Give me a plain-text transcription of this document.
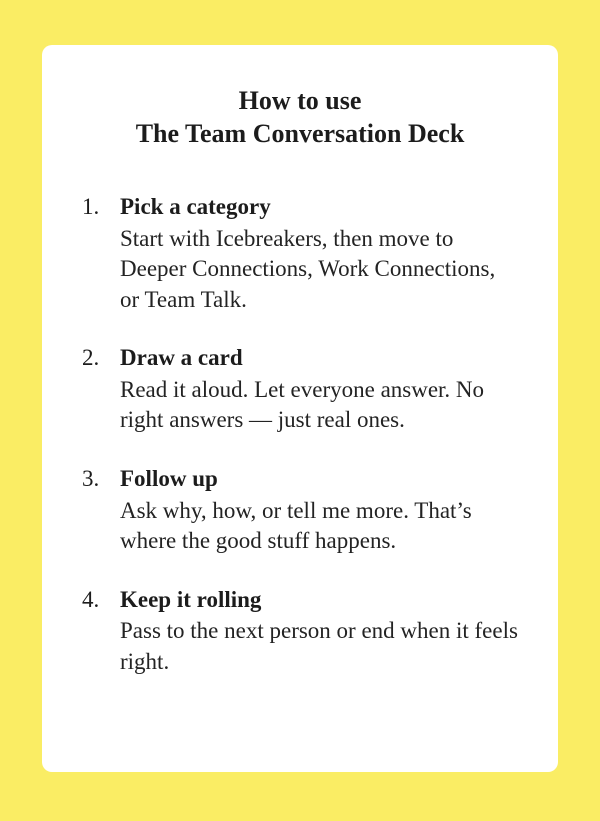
How to use
The Team Conversation Deck
1. Pick a category
Start with Icebreakers, then move to Deeper Connections, Work Connections, or Team Talk.
2. Draw a card
Read it aloud. Let everyone answer. No right answers — just real ones.
3. Follow up
Ask why, how, or tell me more. That’s where the good stuff happens.
4. Keep it rolling
Pass to the next person or end when it feels right.
